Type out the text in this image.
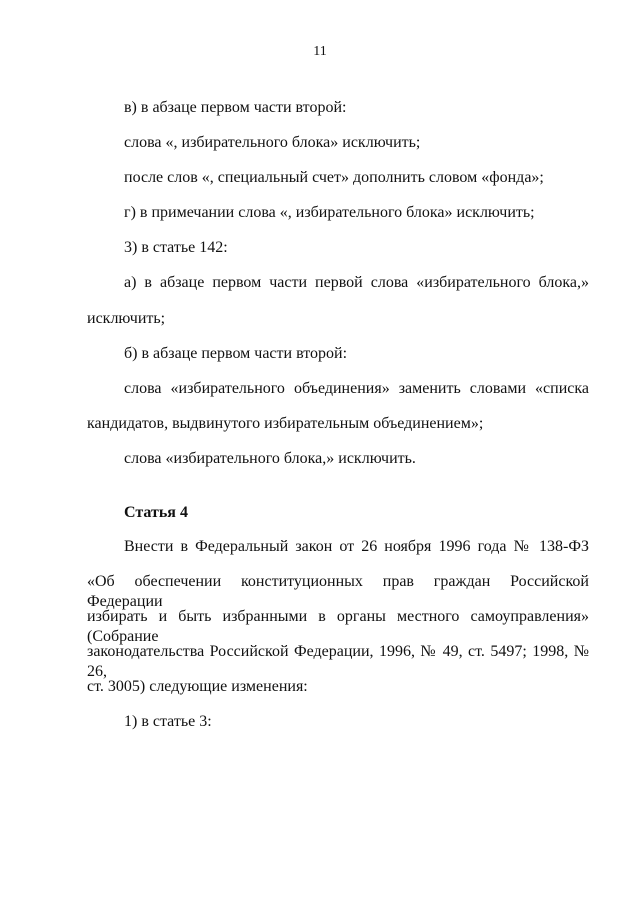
11
в) в абзаце первом части второй:
слова «, избирательного блока» исключить;
после слов «, специальный счет» дополнить словом «фонда»;
г) в примечании слова «, избирательного блока» исключить;
3) в статье 142:
а) в абзаце первом части первой слова «избирательного блока,»
исключить;
б) в абзаце первом части второй:
слова «избирательного объединения» заменить словами «списка
кандидатов, выдвинутого избирательным объединением»;
слова «избирательного блока,» исключить.
Статья 4
Внести в Федеральный закон от 26 ноября 1996 года № 138-ФЗ
«Об обеспечении конституционных прав граждан Российской Федерации
избирать и быть избранными в органы местного самоуправления» (Собрание
законодательства Российской Федерации, 1996, № 49, ст. 5497; 1998, № 26,
ст. 3005) следующие изменения:
1) в статье 3:
